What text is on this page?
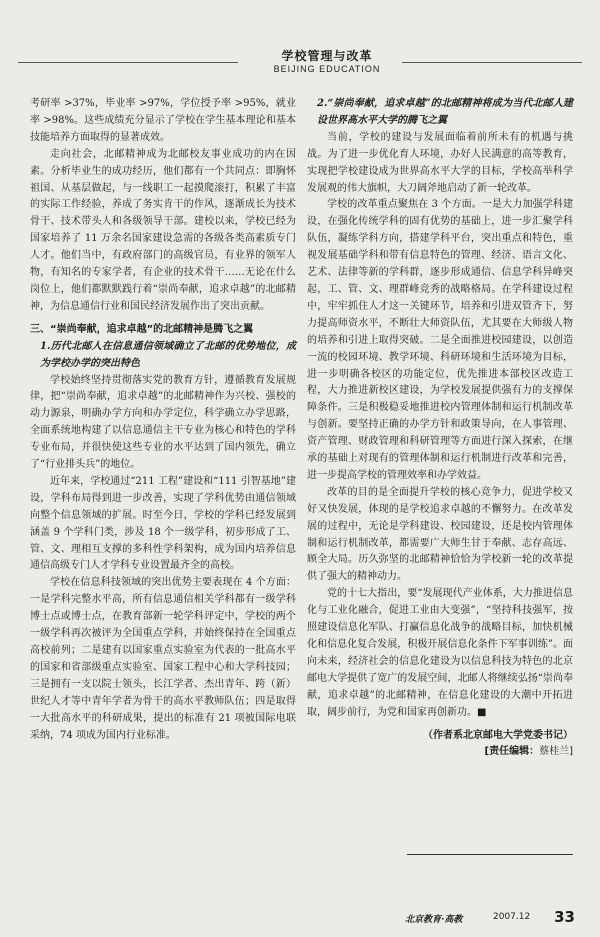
学校管理与改革
BEIJING EDUCATION

考研率 >37%，毕业率 >97%，学位授予率 >95%，就业率 >98%。这些成绩充分显示了学校在学生基本理论和基本技能培养方面取得的显著成效。

走向社会，北邮精神成为北邮校友事业成功的内在因素。分析毕业生的成功经历，他们都有一个共同点：即胸怀祖国、从基层做起，与一线职工一起摸爬滚打，积累了丰富的实际工作经验，养成了务实肯干的作风，逐渐成长为技术骨干、技术带头人和各级领导干部。建校以来，学校已经为国家培养了 11 万余名国家建设急需的各级各类高素质专门人才。他们当中，有政府部门的高级官员，有业界的领军人物，有知名的专家学者，有企业的技术骨干……无论在什么岗位上，他们都默默践行着“崇尚奉献，追求卓越”的北邮精神，为信息通信行业和国民经济发展作出了突出贡献。

三、“崇尚奉献，追求卓越”的北邮精神是腾飞之翼

1.历代北邮人在信息通信领域确立了北邮的优势地位，成为学校办学的突出特色

学校始终坚持贯彻落实党的教育方针，遵循教育发展规律，把“崇尚奉献，追求卓越”的北邮精神作为兴校、强校的动力源泉，明确办学方向和办学定位，科学确立办学思路，全面系统地构建了以信息通信主干专业为核心和特色的学科专业布局，并很快使这些专业的水平达到了国内领先，确立了“行业排头兵”的地位。

近年来，学校通过“211 工程”建设和“111 引智基地”建设，学科布局得到进一步改善，实现了学科优势由通信领域向整个信息领域的扩展。时至今日，学校的学科已经发展到涵盖 9 个学科门类，涉及 18 个一级学科，初步形成了工、管、文、理相互支撑的多科性学科架构，成为国内培养信息通信高级专门人才学科专业设置最齐全的高校。

学校在信息科技领域的突出优势主要表现在 4 个方面：一是学科完整水平高，所有信息通信相关学科都有一级学科博士点或博士点，在教育部新一轮学科评定中，学校的两个一级学科再次被评为全国重点学科，并始终保持在全国重点高校前列；二是建有以国家重点实验室为代表的一批高水平的国家和省部级重点实验室、国家工程中心和大学科技园；三是拥有一支以院士领头，长江学者、杰出青年、跨（新）世纪人才等中青年学者为骨干的高水平教师队伍；四是取得一大批高水平的科研成果，提出的标准有 21 项被国际电联采纳，74 项成为国内行业标准。

2.“崇尚奉献，追求卓越”的北邮精神将成为当代北邮人建设世界高水平大学的腾飞之翼

当前，学校的建设与发展面临着前所未有的机遇与挑战。为了进一步优化育人环境，办好人民满意的高等教育，实现把学校建设成为世界高水平大学的目标，学校高举科学发展观的伟大旗帜，大刀阔斧地启动了新一轮改革。

学校的改革重点聚焦在 3 个方面。一是大力加强学科建设，在强化传统学科的固有优势的基础上，进一步汇聚学科队伍，凝练学科方向，搭建学科平台，突出重点和特色，重视发展基础学科和带有信息特色的管理、经济、语言文化、艺术、法律等新的学科群，逐步形成通信、信息学科异峰突起，工、管、文、理群峰竞秀的战略格局。在学科建设过程中，牢牢抓住人才这一关键环节，培养和引进双管齐下，努力提高师资水平，不断壮大师资队伍，尤其要在大师级人物的培养和引进上取得突破。二是全面推进校园建设，以创造一流的校园环境、教学环境、科研环境和生活环境为目标，进一步明确各校区的功能定位，优先推进本部校区改造工程，大力推进新校区建设，为学校发展提供强有力的支撑保障条件。三是积极稳妥地推进校内管理体制和运行机制改革与创新。要坚持正确的办学方针和政策导向，在人事管理、资产管理、财政管理和科研管理等方面进行深入探索，在继承的基础上对现有的管理体制和运行机制进行改革和完善，进一步提高学校的管理效率和办学效益。

改革的目的是全面提升学校的核心竞争力，促进学校又好又快发展，体现的是学校追求卓越的不懈努力。在改革发展的过程中，无论是学科建设、校园建设，还是校内管理体制和运行机制改革，都需要广大师生甘于奉献、志存高远、顾全大局。历久弥坚的北邮精神恰恰为学校新一轮的改革提供了强大的精神动力。

党的十七大指出，要“发展现代产业体系，大力推进信息化与工业化融合，促进工业由大变强”，“坚持科技强军，按照建设信息化军队、打赢信息化战争的战略目标，加快机械化和信息化复合发展，积极开展信息化条件下军事训练”。面向未来，经济社会的信息化建设为以信息科技为特色的北京邮电大学提供了宽广的发展空间，北邮人将继续弘扬“崇尚奉献，追求卓越”的北邮精神，在信息化建设的大潮中开拓进取，阔步前行，为党和国家再创新功。■

（作者系北京邮电大学党委书记）

[责任编辑：蔡桂兰]

北京教育·高教	2007.12 33
